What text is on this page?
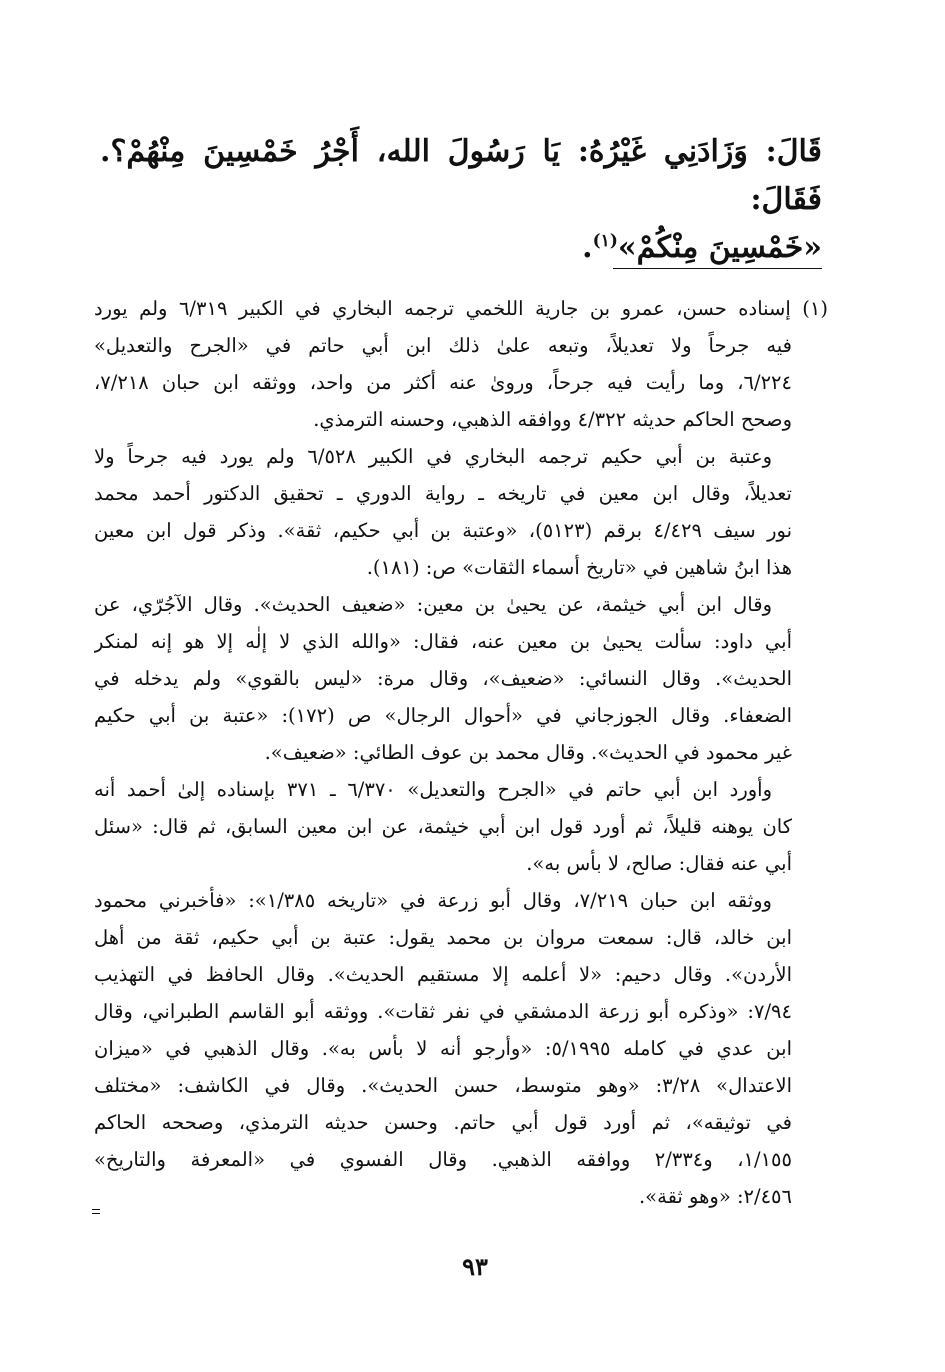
قَالَ: وَزَادَنِي غَيْرُهُ: يَا رَسُولَ الله، أَجْرُ خَمْسِينَ مِنْهُمْ؟. فَقَالَ:
«خَمْسِينَ مِنْكُمْ»$^{(١)}$.

(١) إسناده حسن، عمرو بن جارية اللخمي ترجمه البخاري في الكبير ٦/٣١٩ ولم يورد
فيه جرحاً ولا تعديلاً، وتبعه علىٰ ذلك ابن أبي حاتم في «الجرح والتعديل»
٦/٢٢٤، وما رأيت فيه جرحاً، وروىٰ عنه أكثر من واحد، ووثقه ابن حبان ٧/٢١٨،
وصحح الحاكم حديثه ٤/٣٢٢ ووافقه الذهبي، وحسنه الترمذي.

وعتبة بن أبي حكيم ترجمه البخاري في الكبير ٦/٥٢٨ ولم يورد فيه جرحاً ولا
تعديلاً، وقال ابن معين في تاريخه ـ رواية الدوري ـ تحقيق الدكتور أحمد محمد
نور سيف ٤/٤٢٩ برقم (٥١٢٣)، «وعتبة بن أبي حكيم، ثقة». وذكر قول ابن معين
هذا ابنُ شاهين في «تاريخ أسماء الثقات» ص: (١٨١).

وقال ابن أبي خيثمة، عن يحيىٰ بن معين: «ضعيف الحديث». وقال الآجُرّي، عن
أبي داود: سألت يحيىٰ بن معين عنه، فقال: «والله الذي لا إلٰه إلا هو إنه لمنكر
الحديث». وقال النسائي: «ضعيف»، وقال مرة: «ليس بالقوي» ولم يدخله في
الضعفاء. وقال الجوزجاني في «أحوال الرجال» ص (١٧٢): «عتبة بن أبي حكيم
غير محمود في الحديث». وقال محمد بن عوف الطائي: «ضعيف».

وأورد ابن أبي حاتم في «الجرح والتعديل» ٦/٣٧٠ ـ ٣٧١ بإسناده إلىٰ أحمد أنه
كان يوهنه قليلاً، ثم أورد قول ابن أبي خيثمة، عن ابن معين السابق، ثم قال: «سئل
أبي عنه فقال: صالح، لا بأس به».

ووثقه ابن حبان ٧/٢١٩، وقال أبو زرعة في «تاريخه ١/٣٨٥»: «فأخبرني محمود
ابن خالد، قال: سمعت مروان بن محمد يقول: عتبة بن أبي حكيم، ثقة من أهل
الأردن». وقال دحيم: «لا أعلمه إلا مستقيم الحديث». وقال الحافظ في التهذيب
٧/٩٤: «وذكره أبو زرعة الدمشقي في نفر ثقات». ووثقه أبو القاسم الطبراني، وقال
ابن عدي في كامله ٥/١٩٩٥: «وأرجو أنه لا بأس به». وقال الذهبي في «ميزان
الاعتدال» ٣/٢٨: «وهو متوسط، حسن الحديث». وقال في الكاشف: «مختلف
في توثيقه»، ثم أورد قول أبي حاتم. وحسن حديثه الترمذي، وصححه الحاكم
١/١٥٥، و٢/٣٣٤ ووافقه الذهبي. وقال الفسوي في «المعرفة والتاريخ»
٢/٤٥٦: «وهو ثقة».

٩٣
